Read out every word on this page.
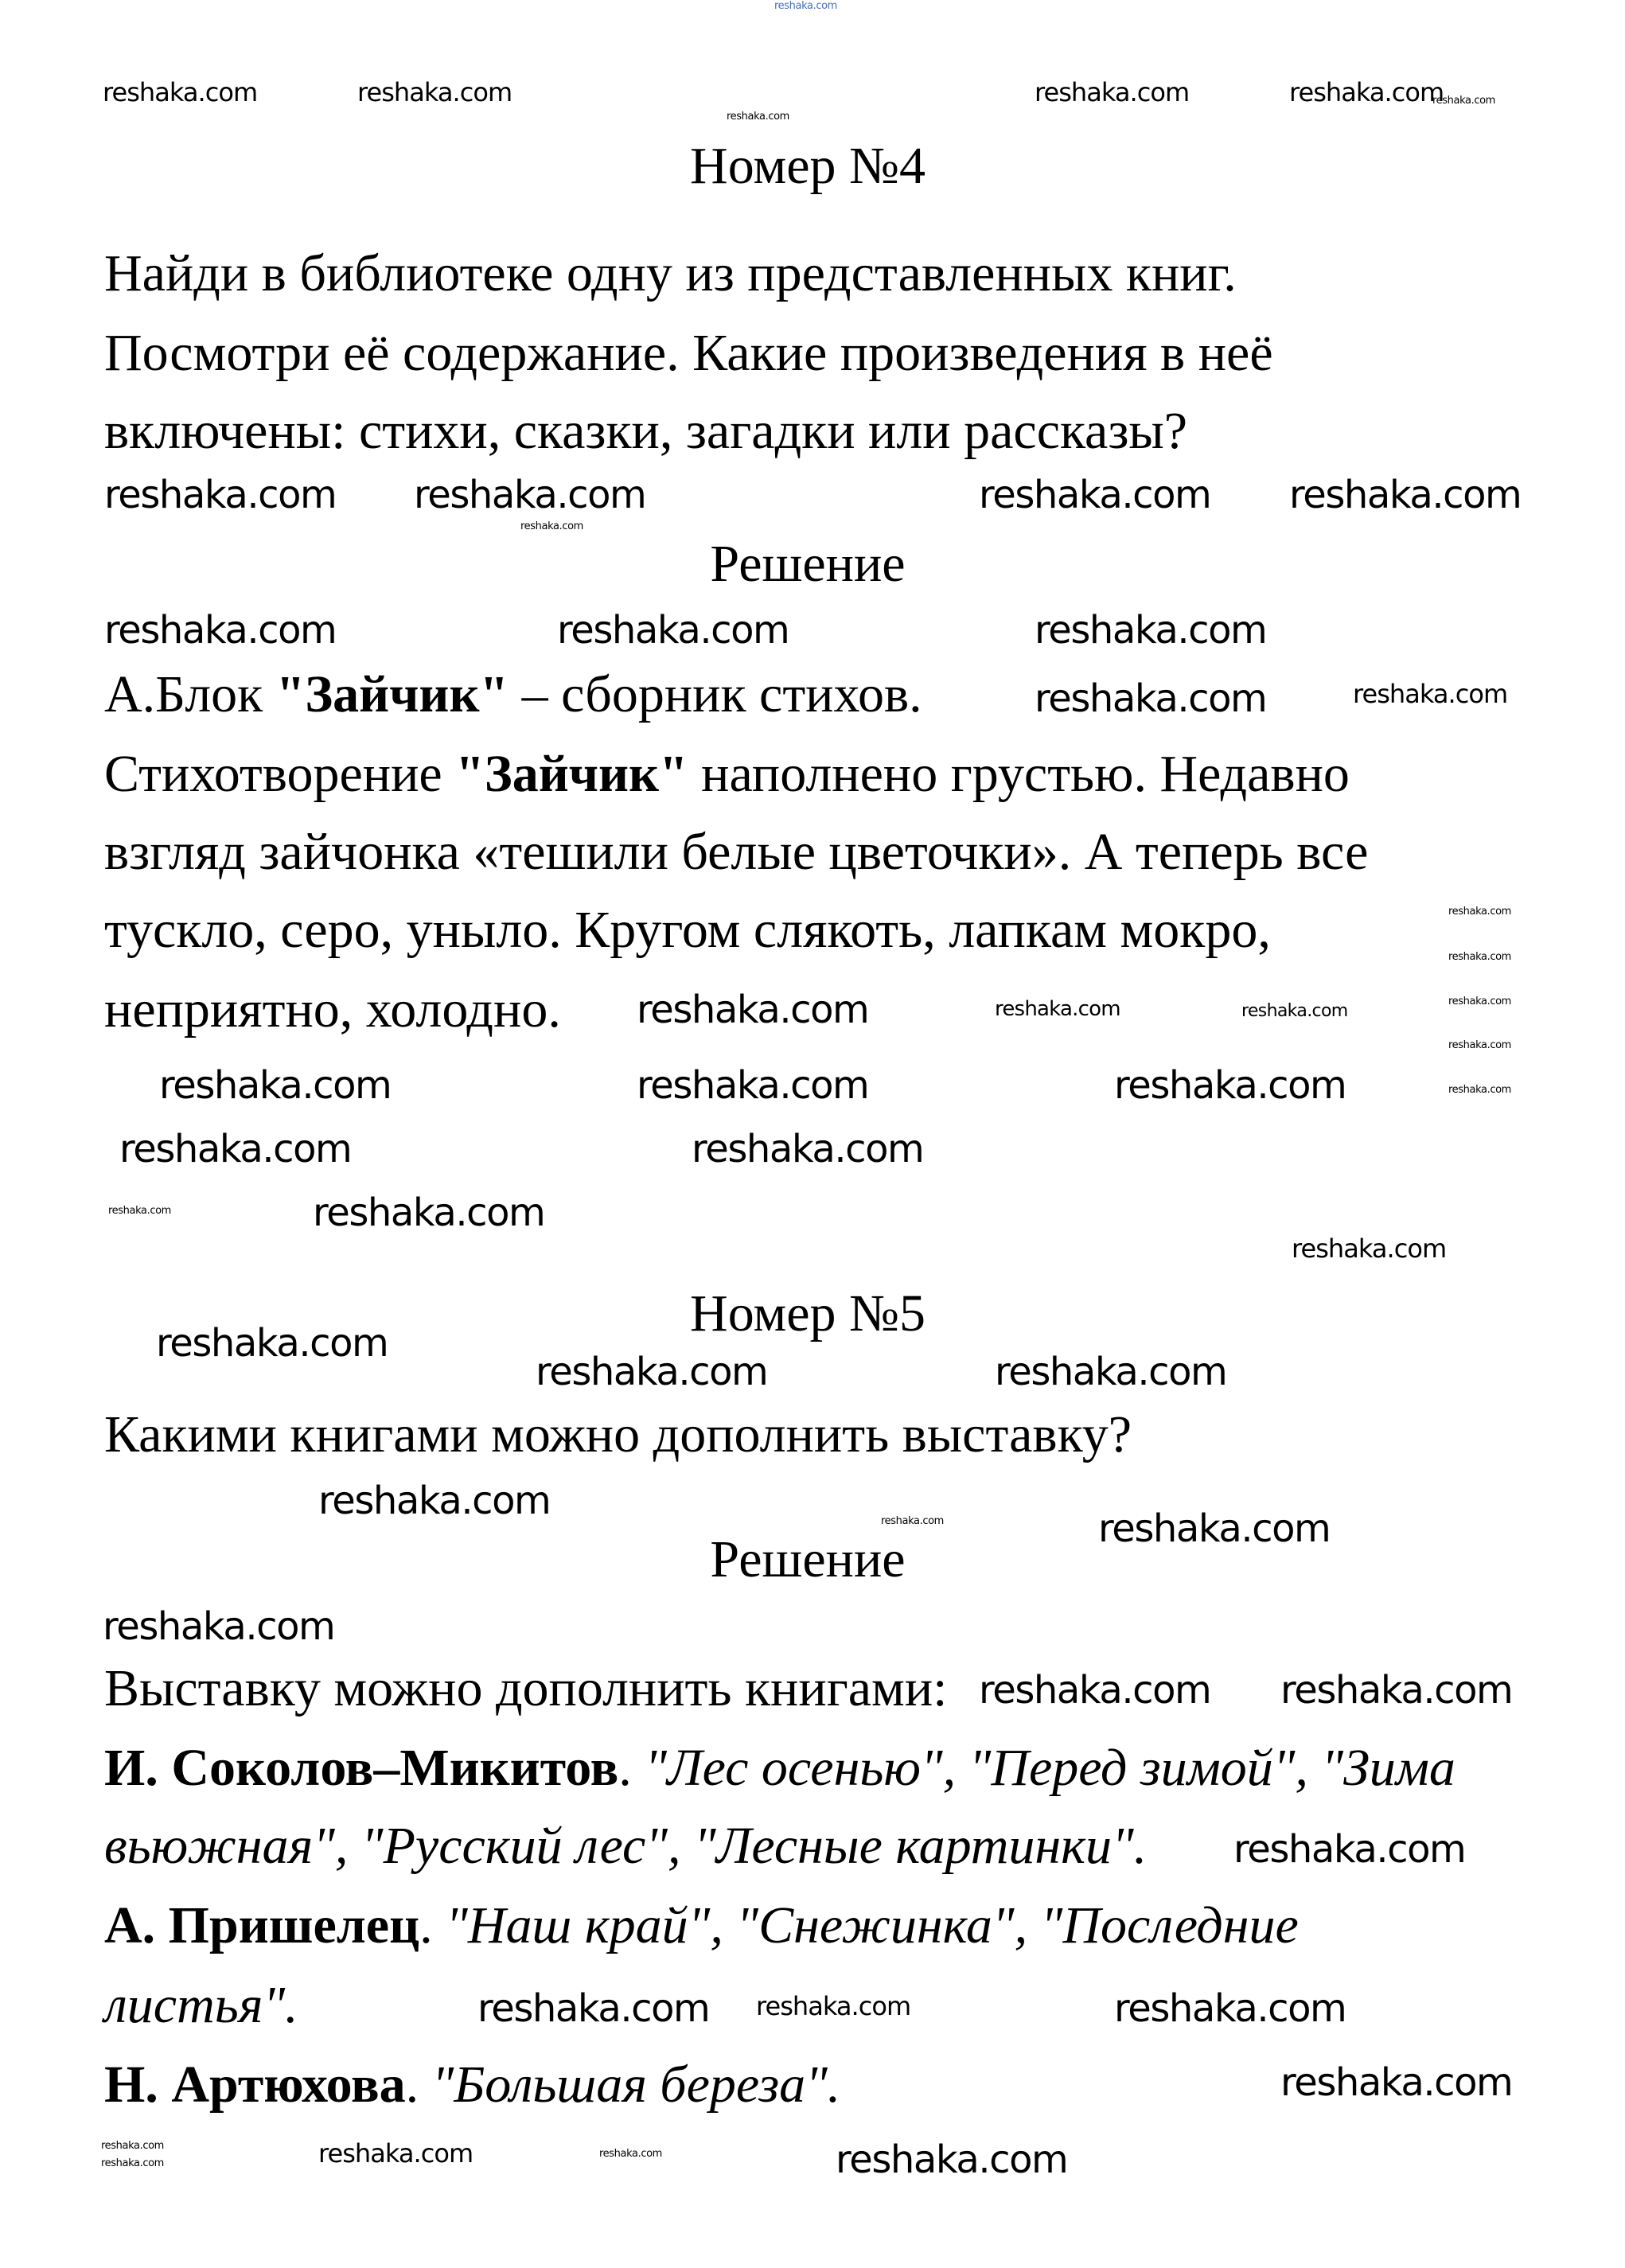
Номер №4
Найди в библиотеке одну из представленных книг.
Посмотри её содержание. Какие произведения в неё
включены: стихи, сказки, загадки или рассказы?
Решение
А.Блок "Зайчик" – сборник стихов.
Стихотворение "Зайчик" наполнено грустью. Недавно
взгляд зайчонка «тешили белые цветочки». А теперь все
тускло, серо, уныло. Кругом слякоть, лапкам мокро,
неприятно, холодно.
Номер №5
Какими книгами можно дополнить выставку?
Решение
Выставку можно дополнить книгами:
И. Соколов–Микитов. "Лес осенью", "Перед зимой", "Зима
вьюжная", "Русский лес", "Лесные картинки".
А. Пришелец. "Наш край", "Снежинка", "Последние
листья".
Н. Артюхова. "Большая береза".
reshaka.com
reshaka.com	reshaka.com
reshaka.com
reshaka.com	reshaka.com
reshaka.com
reshaka.com
reshaka.com
reshaka.com reshaka.com
reshaka.com	reshaka.com	reshaka.com
reshaka.com
reshaka.com	reshaka.com
reshaka.com
reshaka.com	reshaka.com
reshaka.com	reshaka.com
reshaka.com
reshaka.com
reshaka.com
reshaka.com
reshaka.com
reshaka.com	reshaka.com
reshaka.com
reshaka.com	reshaka.com
reshaka.com
reshaka.com
reshaka.com	reshaka.com
reshaka.com	reshaka.com	reshaka.com
reshaka.com
reshaka.com
reshaka.com reshaka.com
reshaka.com	reshaka.com
reshaka.com
reshaka.com
reshaka.com	reshaka.com
reshaka.com
reshaka.com
reshaka.com
